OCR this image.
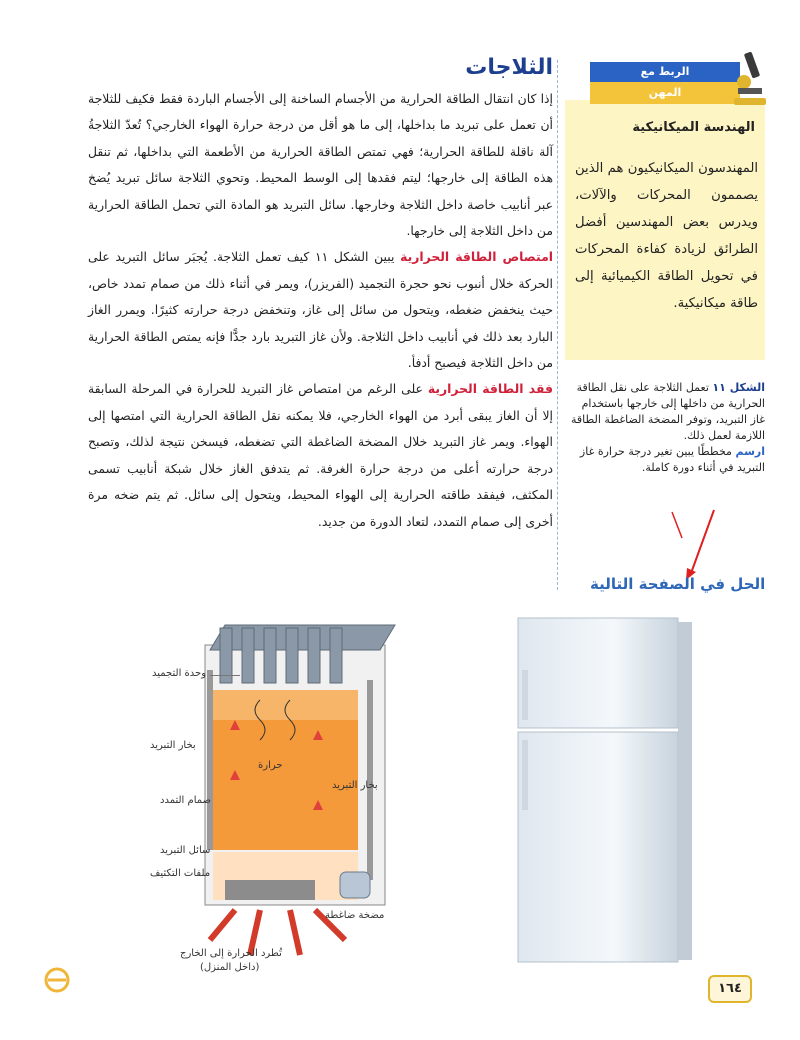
الثلاجات

إذا كان انتقال الطاقة الحرارية من الأجسام الساخنة إلى الأجسام الباردة فقط فكيف للثلاجة أن تعمل على تبريد ما بداخلها، إلى ما هو أقل من درجة حرارة الهواء الخارجي؟ تُعدّ الثلاجةُ آلة ناقلة للطاقة الحرارية؛ فهي تمتص الطاقة الحرارية من الأطعمة التي بداخلها، ثم تنقل هذه الطاقة إلى خارجها؛ ليتم فقدها إلى الوسط المحيط. وتحوي الثلاجة سائل تبريد يُضخ عبر أنابيب خاصة داخل الثلاجة وخارجها. سائل التبريد هو المادة التي تحمل الطاقة الحرارية من داخل الثلاجة إلى خارجها.

امتصاص الطاقة الحرارية يبين الشكل ١١ كيف تعمل الثلاجة. يُجبَر سائل التبريد على الحركة خلال أنبوب نحو حجرة التجميد (الفريزر)، ويمر في أثناء ذلك من صمام تمدد خاص، حيث ينخفض ضغطه، ويتحول من سائل إلى غاز، وتنخفض درجة حرارته كثيرًا. ويمرر الغاز البارد بعد ذلك في أنابيب داخل الثلاجة. ولأن غاز التبريد بارد جدًّا فإنه يمتص الطاقة الحرارية من داخل الثلاجة فيصبح أدفأ.

فقد الطاقة الحرارية على الرغم من امتصاص غاز التبريد للحرارة في المرحلة السابقة إلا أن الغاز يبقى أبرد من الهواء الخارجي، فلا يمكنه نقل الطاقة الحرارية التي امتصها إلى الهواء. ويمر غاز التبريد خلال المضخة الضاغطة التي تضغطه، فيسخن نتيجة لذلك، وتصبح درجة حرارته أعلى من درجة حرارة الغرفة. ثم يتدفق الغاز خلال شبكة أنابيب تسمى المكثف، فيفقد طاقته الحرارية إلى الهواء المحيط، ويتحول إلى سائل. ثم يتم ضخه مرة أخرى إلى صمام التمدد، لتعاد الدورة من جديد.

الربط مع
المهن
الهندسة الميكانيكية
المهندسون الميكانيكيون هم الذين يصممون المحركات والآلات، ويدرس بعض المهندسين أفضل الطرائق لزيادة كفاءة المحركات في تحويل الطاقة الكيميائية إلى طاقة ميكانيكية.
الشكل ١١ تعمل الثلاجة على نقل الطاقة الحرارية من داخلها إلى خارجها باستخدام غاز التبريد، وتوفر المضخة الضاغطة الطاقة اللازمة لعمل ذلك.
ارسم مخططًا يبين تغير درجة حرارة غاز التبريد في أثناء دورة كاملة.
الحل في الصفحة التالية
وحدة التجميد
بخار التبريد
بخار التبريد
حرارة
صمام التمدد
سائل التبريد
ملفات التكثيف
مضخة ضاغطة
تُطرد الحرارة إلى الخارج
(داخل المنزل)
١٦٤
